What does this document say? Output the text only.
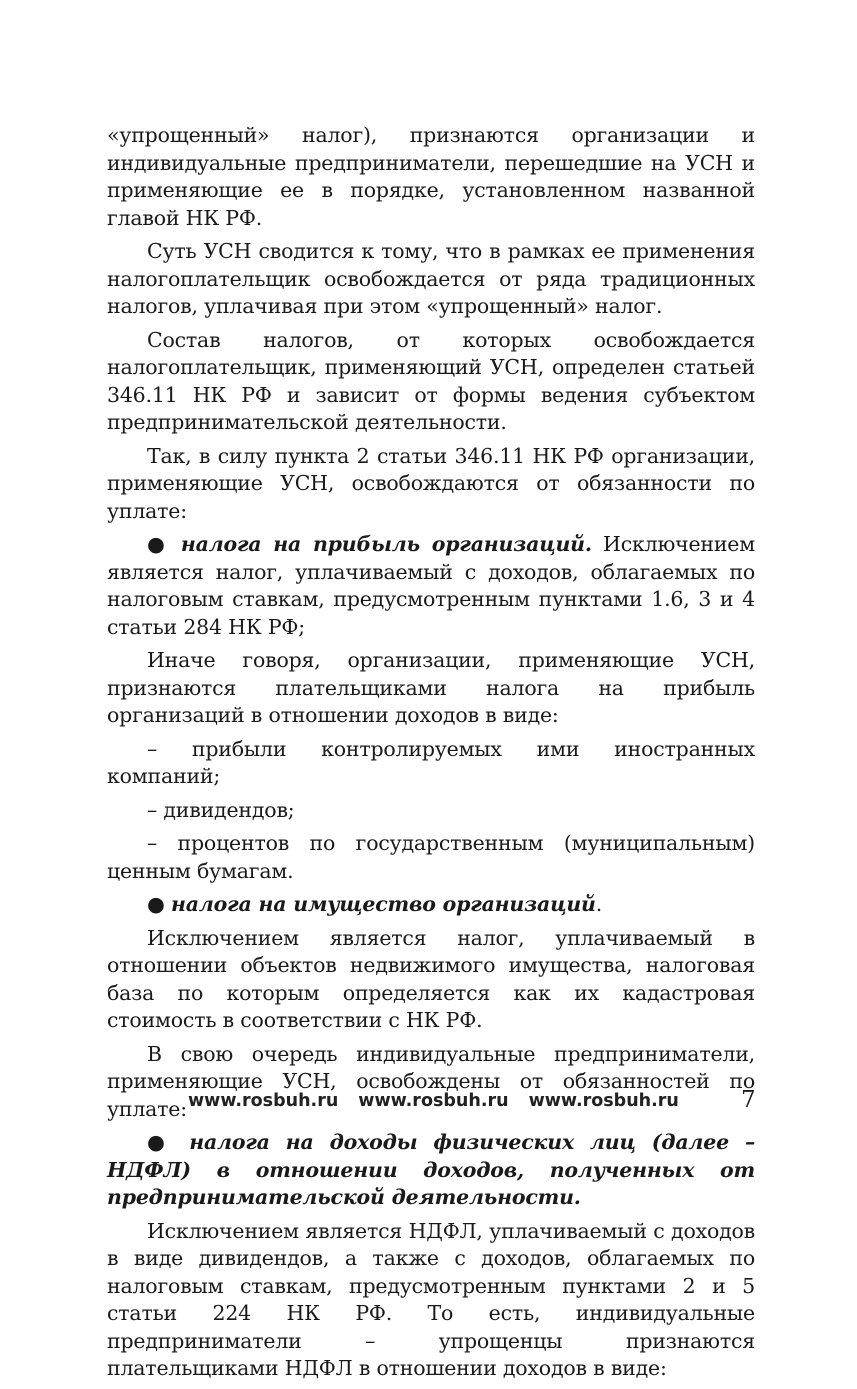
«упрощенный» налог), признаются организации и индивидуальные предприниматели, перешедшие на УСН и применяющие ее в порядке, установленном названной главой НК РФ.

Суть УСН сводится к тому, что в рамках ее применения налогоплательщик освобождается от ряда традиционных налогов, уплачивая при этом «упрощенный» налог.

Состав налогов, от которых освобождается налогоплательщик, применяющий УСН, определен статьей 346.11 НК РФ и зависит от формы ведения субъектом предпринимательской деятельности.

Так, в силу пункта 2 статьи 346.11 НК РФ организации, применяющие УСН, освобождаются от обязанности по уплате:

● налога на прибыль организаций. Исключением является налог, уплачиваемый с доходов, облагаемых по налоговым ставкам, предусмотренным пунктами 1.6, 3 и 4 статьи 284 НК РФ;

Иначе говоря, организации, применяющие УСН, признаются плательщиками налога на прибыль организаций в отношении доходов в виде:

– прибыли контролируемых ими иностранных компаний;

– дивидендов;

– процентов по государственным (муниципальным) ценным бумагам.

● налога на имущество организаций.

Исключением является налог, уплачиваемый в отношении объектов недвижимого имущества, налоговая база по которым определяется как их кадастровая стоимость в соответствии с НК РФ.

В свою очередь индивидуальные предприниматели, применяющие УСН, освобождены от обязанностей по уплате:

● налога на доходы физических лиц (далее – НДФЛ) в отношении доходов, полученных от предпринимательской деятельности.

Исключением является НДФЛ, уплачиваемый с доходов в виде дивидендов, а также с доходов, облагаемых по налоговым ставкам, предусмотренным пунктами 2 и 5 статьи 224 НК РФ. То есть, индивидуальные предприниматели – упрощенцы признаются плательщиками НДФЛ в отношении доходов в виде:

www.rosbuh.ru www.rosbuh.ru www.rosbuh.ru	7
